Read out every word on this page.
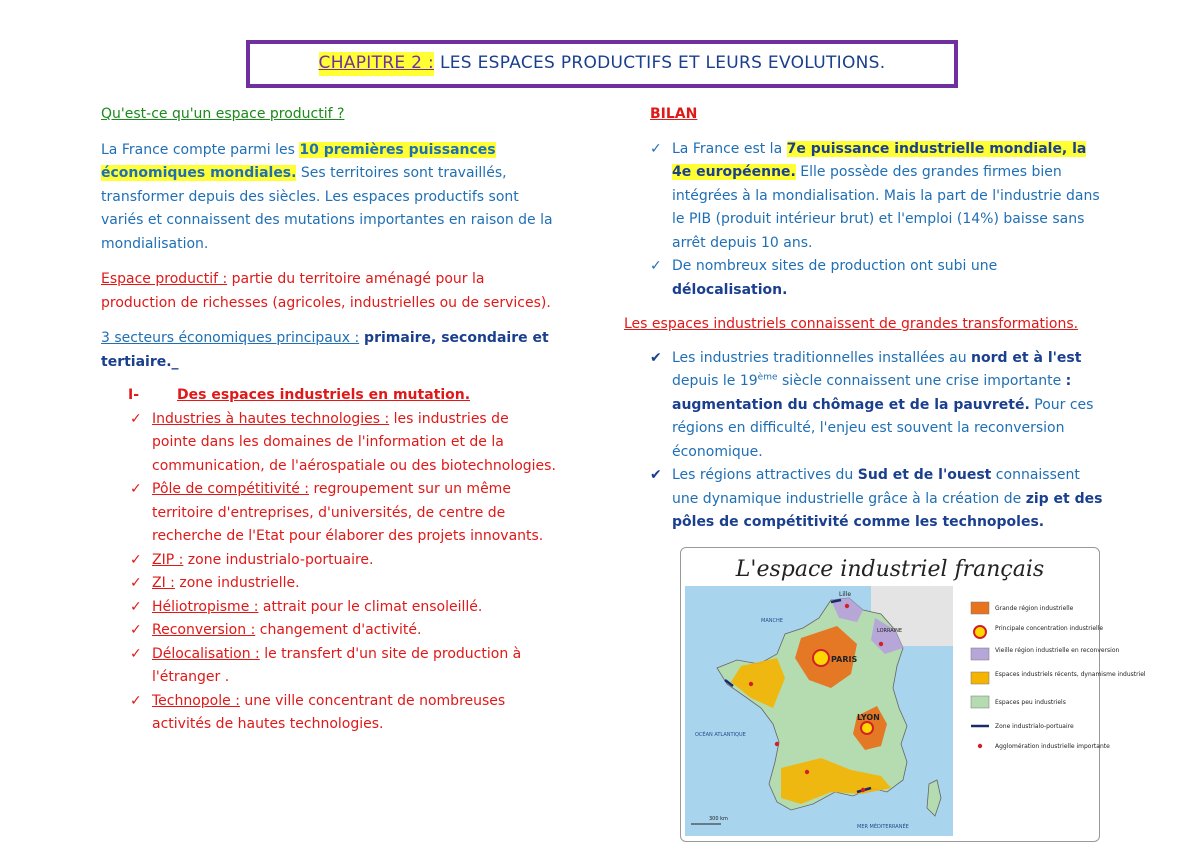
CHAPITRE 2 : LES ESPACES PRODUCTIFS ET LEURS EVOLUTIONS.

Qu'est-ce qu'un espace productif ?

La France compte parmi les 10 premières puissances économiques mondiales. Ses territoires sont travaillés, transformer depuis des siècles. Les espaces productifs sont variés et connaissent des mutations importantes en raison de la mondialisation.

Espace productif : partie du territoire aménagé pour la production de richesses (agricoles, industrielles ou de services).

3 secteurs économiques principaux : primaire, secondaire et tertiaire._

I-	Des espaces industriels en mutation.
✓ Industries à hautes technologies : les industries de pointe dans les domaines de l'information et de la communication, de l'aérospatiale ou des biotechnologies.
✓ Pôle de compétitivité : regroupement sur un même territoire d'entreprises, d'universités, de centre de recherche de l'Etat pour élaborer des projets innovants.
✓ ZIP : zone industrialo-portuaire.
✓ ZI : zone industrielle.
✓ Héliotropisme : attrait pour le climat ensoleillé.
✓ Reconversion : changement d'activité.
✓ Délocalisation : le transfert d'un site de production à l'étranger .
✓ Technopole : une ville concentrant de nombreuses activités de hautes technologies.

BILAN

✓ La France est la 7e puissance industrielle mondiale, la 4e européenne. Elle possède des grandes firmes bien intégrées à la mondialisation. Mais la part de l'industrie dans le PIB (produit intérieur brut) et l'emploi (14%) baisse sans arrêt depuis 10 ans.
✓ De nombreux sites de production ont subi une délocalisation.

Les espaces industriels connaissent de grandes transformations.

✔ Les industries traditionnelles installées au nord et à l'est depuis le 19ème siècle connaissent une crise importante : augmentation du chômage et de la pauvreté. Pour ces régions en difficulté, l'enjeu est souvent la reconversion économique.
✔ Les régions attractives du Sud et de l'ouest connaissent une dynamique industrielle grâce à la création de zip et des pôles de compétitivité comme les technopoles.
L'espace industriel français
PARIS
LYON
Lille
LORRAINE
MANCHE
OCÉAN ATLANTIQUE
MER MÉDITERRANÉE
300 km
Grande région industrielle
Principale concentration industrielle
Vieille région industrielle en reconversion
Espaces industriels récents, dynamisme industriel
Espaces peu industriels
Zone industrialo-portuaire
Agglomération industrielle importante
